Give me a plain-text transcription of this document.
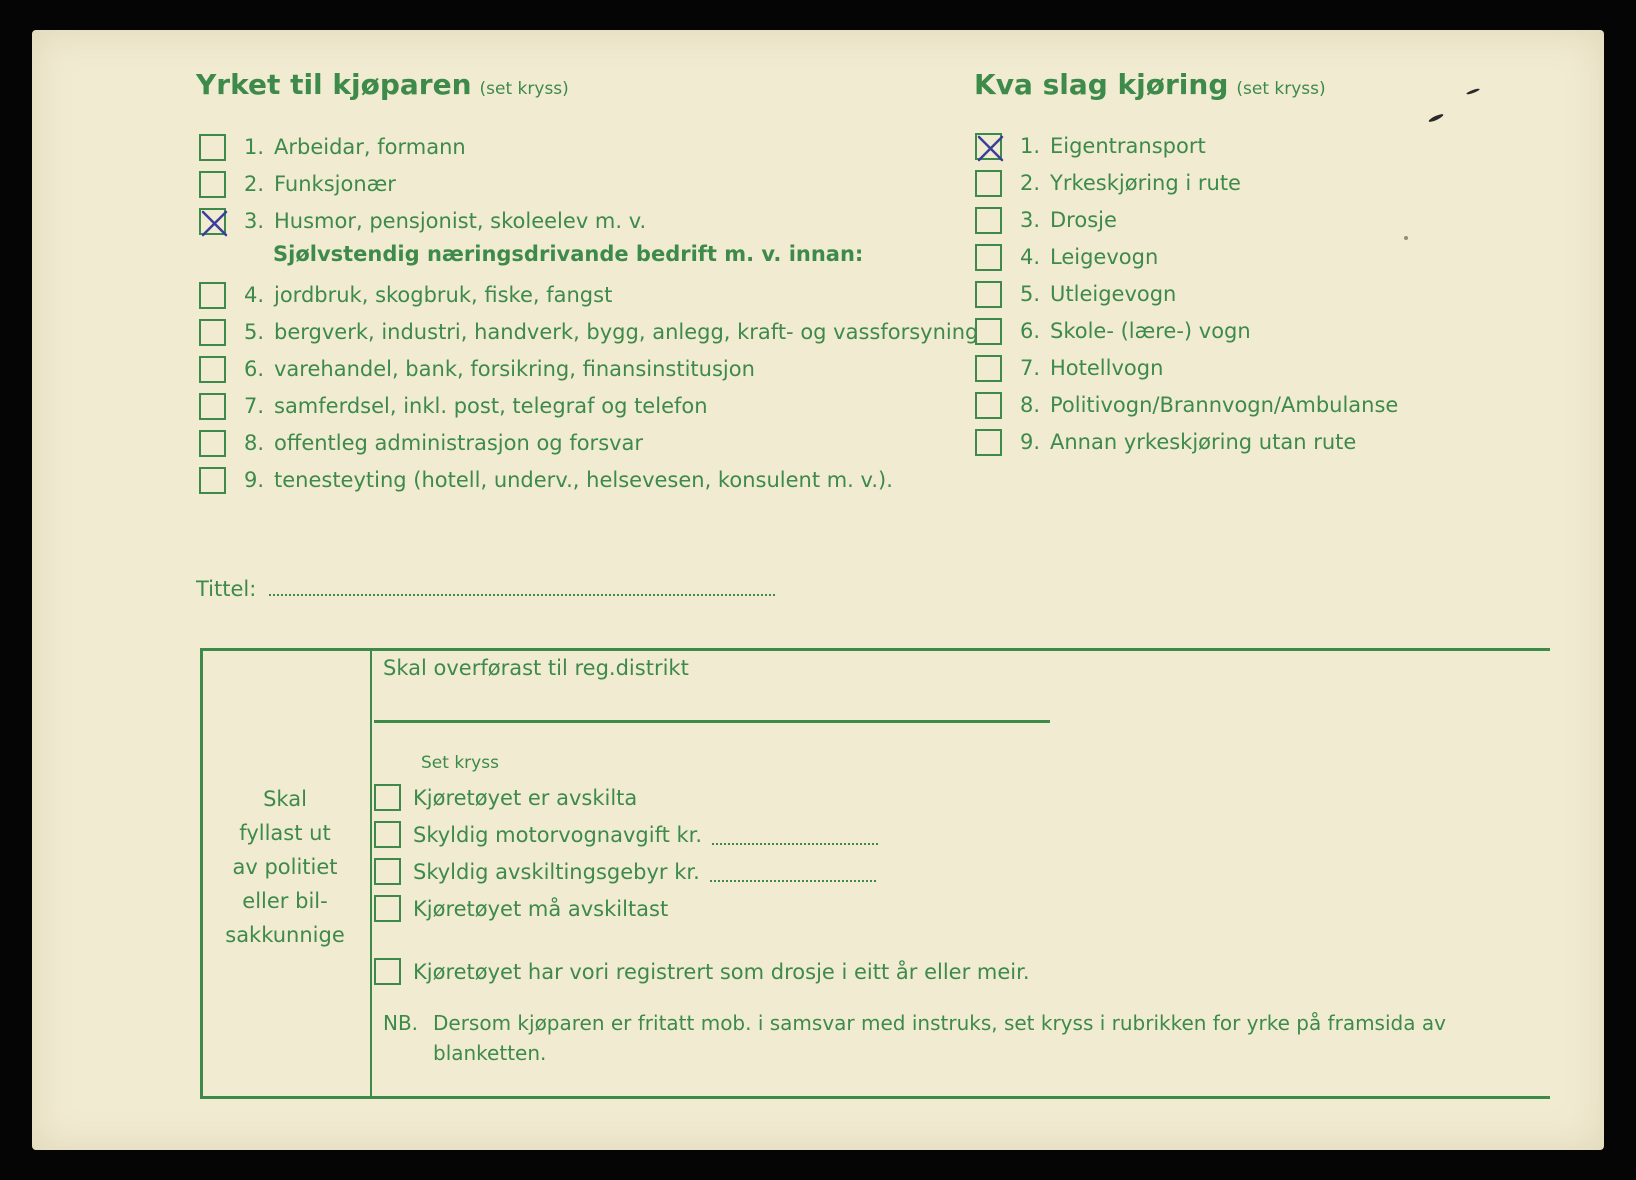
Yrket til kjøparen (set kryss)
1. Arbeidar, formann
2. Funksjonær
3. Husmor, pensjonist, skoleelev m. v.
Sjølvstendig næringsdrivande bedrift m. v. innan:
4. jordbruk, skogbruk, fiske, fangst
5. bergverk, industri, handverk, bygg, anlegg, kraft- og vassforsyning
6. varehandel, bank, forsikring, finansinstitusjon
7. samferdsel, inkl. post, telegraf og telefon
8. offentleg administrasjon og forsvar
9. tenesteyting (hotell, underv., helsevesen, konsulent m. v.).
Tittel:
Kva slag kjøring (set kryss)
1. Eigentransport
2. Yrkeskjøring i rute
3. Drosje
4. Leigevogn
5. Utleigevogn
6. Skole- (lære-) vogn
7. Hotellvogn
8. Politivogn/Brannvogn/Ambulanse
9. Annan yrkeskjøring utan rute
Skal
fyllast ut
av politiet
eller bil-
sakkunnige
Skal overførast til reg.distrikt
Set kryss
Kjøretøyet er avskilta
Skyldig motorvognavgift kr.
Skyldig avskiltingsgebyr kr.
Kjøretøyet må avskiltast
Kjøretøyet har vori registrert som drosje i eitt år eller meir.
NB. Dersom kjøparen er fritatt mob. i samsvar med instruks, set kryss i rubrikken for yrke på framsida av blanketten.
